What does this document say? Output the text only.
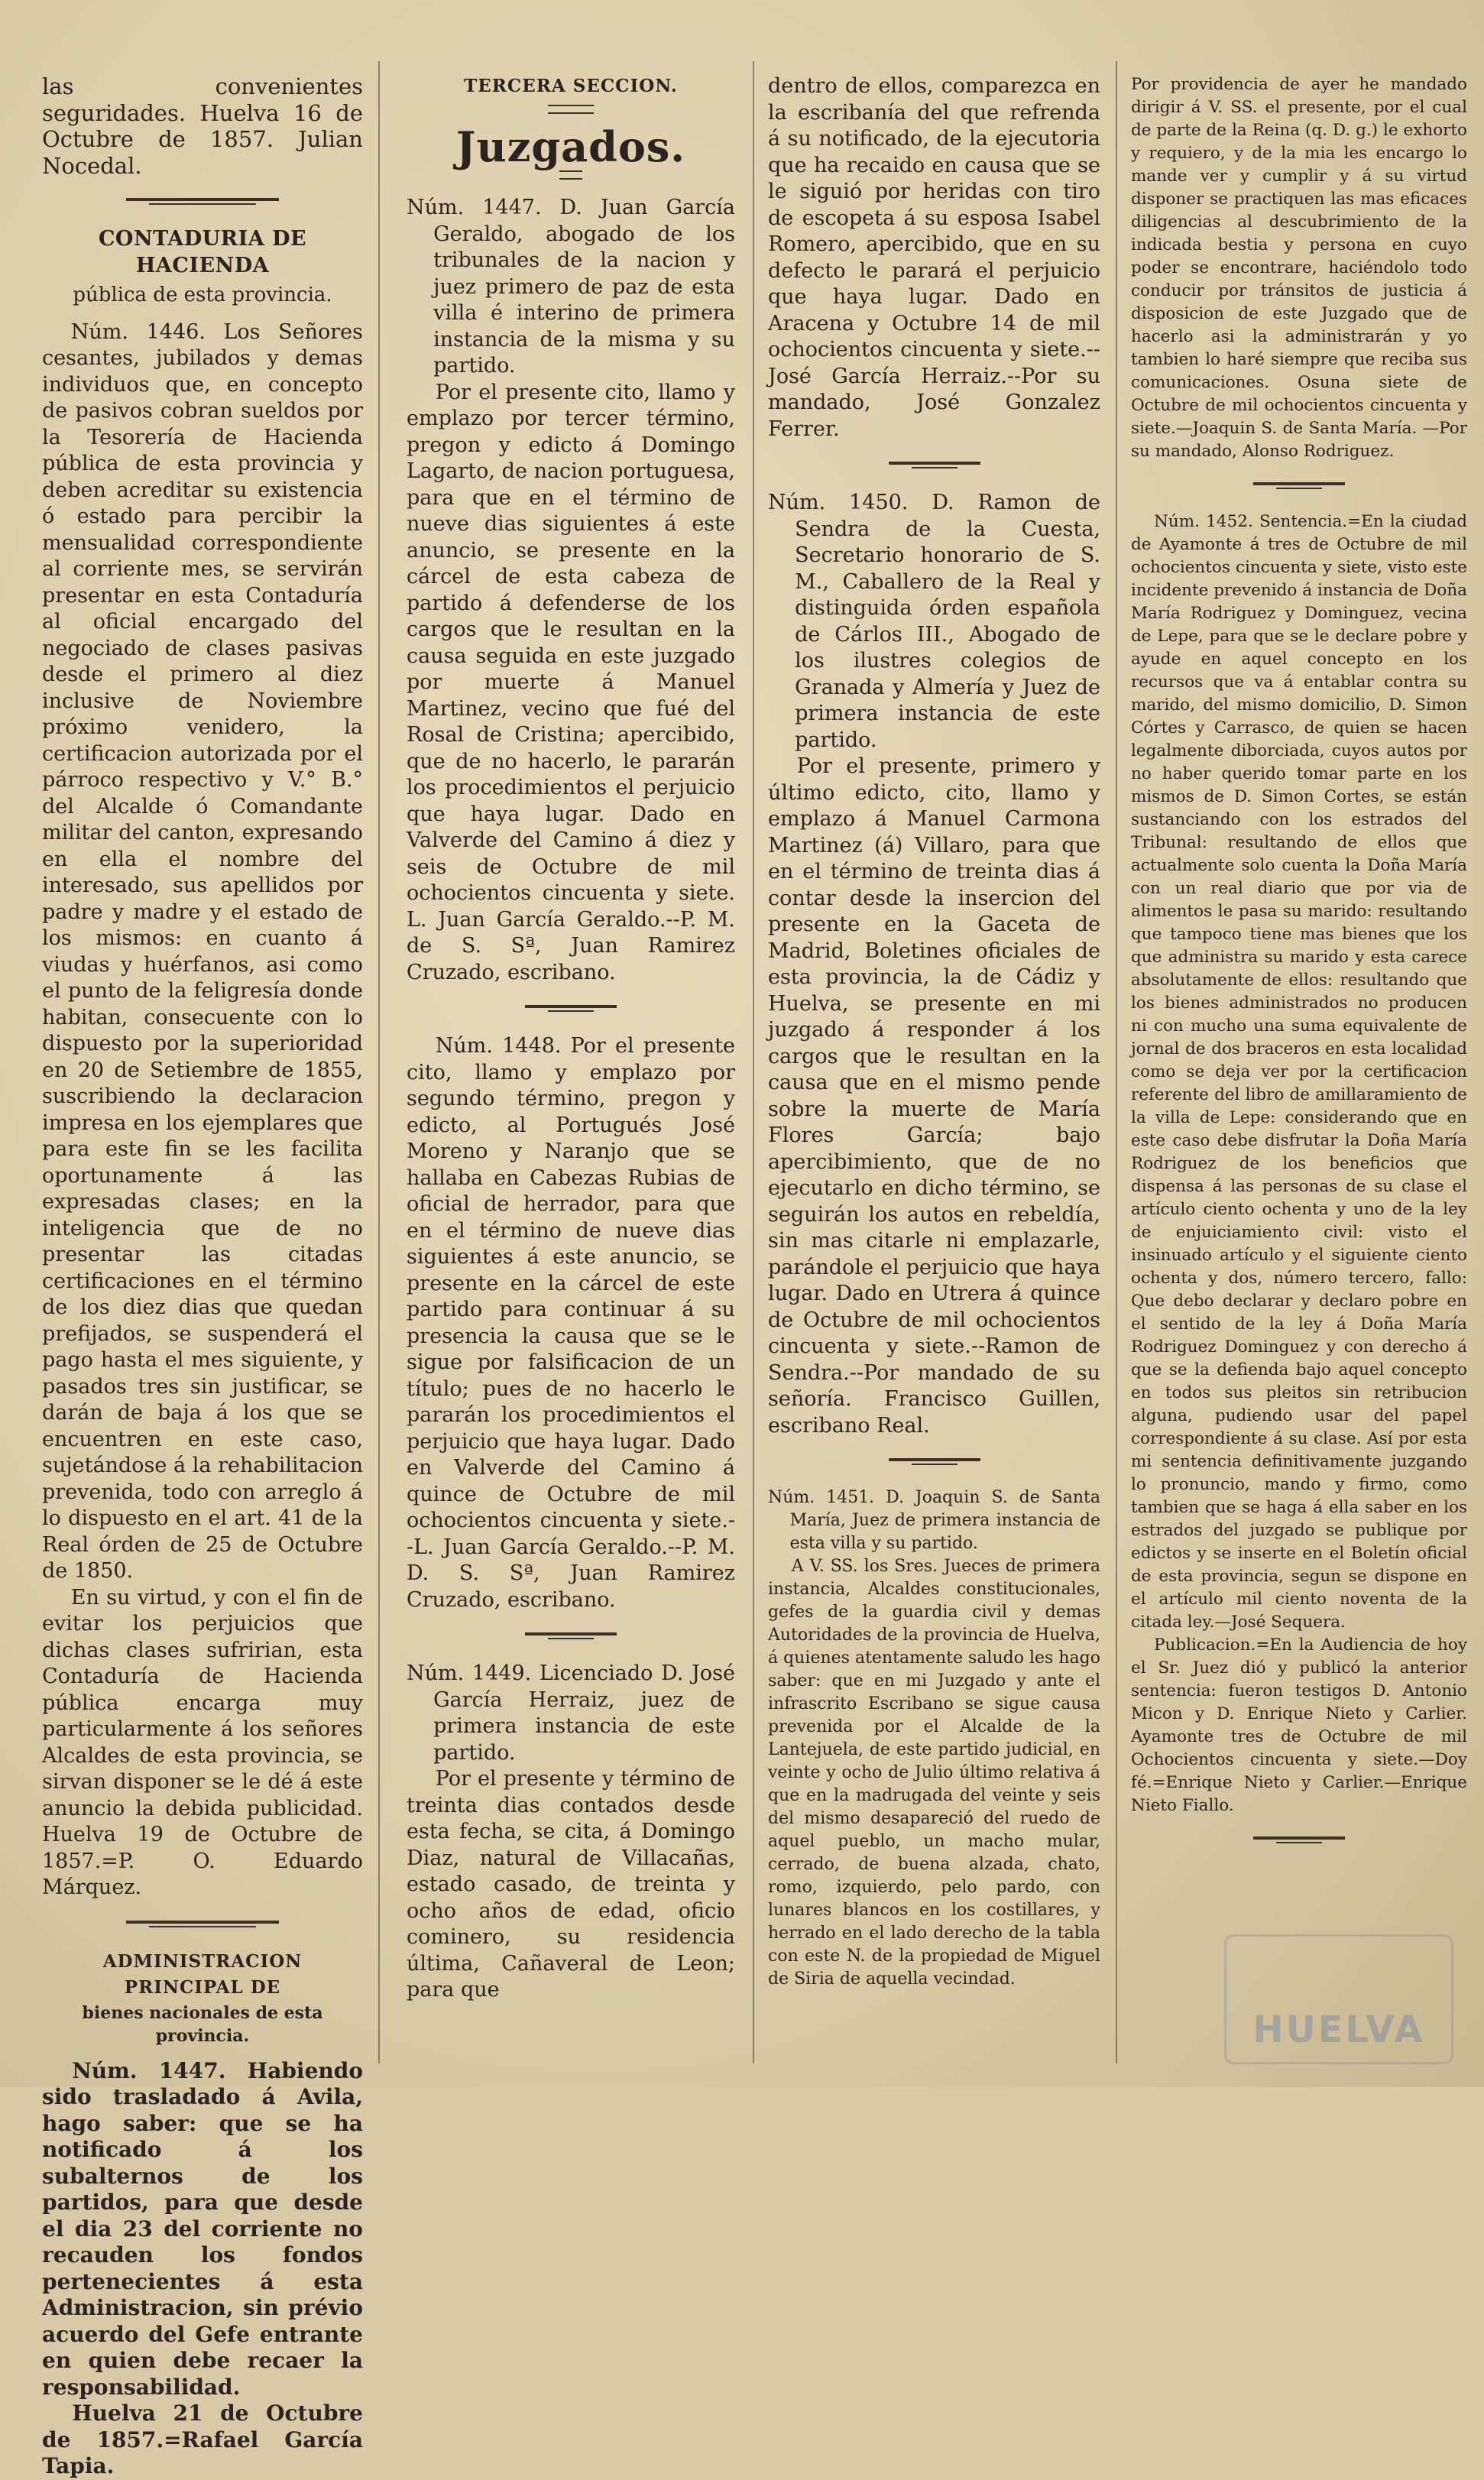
las convenientes seguridades. Huelva 16 de Octubre de 1857. Julian Nocedal.

CONTADURIA DE HACIENDA
pública de esta provincia.

Núm. 1446. Los Señores cesantes, jubilados y demas individuos que, en concepto de pasivos cobran sueldos por la Tesorería de Hacienda pública de esta provincia y deben acreditar su existencia ó estado para percibir la mensualidad correspondiente al corriente mes, se servirán presentar en esta Contaduría al oficial encargado del negociado de clases pasivas desde el primero al diez inclusive de Noviembre próximo venidero, la certificacion autorizada por el párroco respectivo y V.° B.° del Alcalde ó Comandante militar del canton, expresando en ella el nombre del interesado, sus apellidos por padre y madre y el estado de los mismos: en cuanto á viudas y huérfanos, asi como el punto de la feligresía donde habitan, consecuente con lo dispuesto por la superioridad en 20 de Setiembre de 1855, suscribiendo la declaracion impresa en los ejemplares que para este fin se les facilita oportunamente á las expresadas clases; en la inteligencia que de no presentar las citadas certificaciones en el término de los diez dias que quedan prefijados, se suspenderá el pago hasta el mes siguiente, y pasados tres sin justificar, se darán de baja á los que se encuentren en este caso, sujetándose á la rehabilitacion prevenida, todo con arreglo á lo dispuesto en el art. 41 de la Real órden de 25 de Octubre de 1850.

En su virtud, y con el fin de evitar los perjuicios que dichas clases sufririan, esta Contaduría de Hacienda pública encarga muy particularmente á los señores Alcaldes de esta provincia, se sirvan disponer se le dé á este anuncio la debida publicidad. Huelva 19 de Octubre de 1857.=P. O. Eduardo Márquez.

ADMINISTRACION PRINCIPAL DE
bienes nacionales de esta provincia.

Núm. 1447. Habiendo sido trasladado á Avila, hago saber: que se ha notificado á los subalternos de los partidos, para que desde el dia 23 del corriente no recauden los fondos pertenecientes á esta Administracion, sin prévio acuerdo del Gefe entrante en quien debe recaer la responsabilidad.

Huelva 21 de Octubre de 1857.=Rafael García Tapia.

TERCERA SECCION.
Juzgados.

Núm. 1447. D. Juan García Geraldo, abogado de los tribunales de la nacion y juez primero de paz de esta villa é interino de primera instancia de la misma y su partido.

Por el presente cito, llamo y emplazo por tercer término, pregon y edicto á Domingo Lagarto, de nacion portuguesa, para que en el término de nueve dias siguientes á este anuncio, se presente en la cárcel de esta cabeza de partido á defenderse de los cargos que le resultan en la causa seguida en este juzgado por muerte á Manuel Martinez, vecino que fué del Rosal de Cristina; apercibido, que de no hacerlo, le pararán los procedimientos el perjuicio que haya lugar. Dado en Valverde del Camino á diez y seis de Octubre de mil ochocientos cincuenta y siete. L. Juan García Geraldo.--P. M. de S. Sª, Juan Ramirez Cruzado, escribano.

Núm. 1448. Por el presente cito, llamo y emplazo por segundo término, pregon y edicto, al Portugués José Moreno y Naranjo que se hallaba en Cabezas Rubias de oficial de herrador, para que en el término de nueve dias siguientes á este anuncio, se presente en la cárcel de este partido para continuar á su presencia la causa que se le sigue por falsificacion de un título; pues de no hacerlo le pararán los procedimientos el perjuicio que haya lugar. Dado en Valverde del Camino á quince de Octubre de mil ochocientos cincuenta y siete.--L. Juan García Geraldo.--P. M. D. S. Sª, Juan Ramirez Cruzado, escribano.

Núm. 1449. Licenciado D. José García Herraiz, juez de primera instancia de este partido.

Por el presente y término de treinta dias contados desde esta fecha, se cita, á Domingo Diaz, natural de Villacañas, estado casado, de treinta y ocho años de edad, oficio cominero, su residencia última, Cañaveral de Leon; para que

dentro de ellos, comparezca en la escribanía del que refrenda á su notificado, de la ejecutoria que ha recaido en causa que se le siguió por heridas con tiro de escopeta á su esposa Isabel Romero, apercibido, que en su defecto le parará el perjuicio que haya lugar. Dado en Aracena y Octubre 14 de mil ochocientos cincuenta y siete.--José García Herraiz.--Por su mandado, José Gonzalez Ferrer.

Núm. 1450. D. Ramon de Sendra de la Cuesta, Secretario honorario de S. M., Caballero de la Real y distinguida órden española de Cárlos III., Abogado de los ilustres colegios de Granada y Almería y Juez de primera instancia de este partido.

Por el presente, primero y último edicto, cito, llamo y emplazo á Manuel Carmona Martinez (á) Villaro, para que en el término de treinta dias á contar desde la insercion del presente en la Gaceta de Madrid, Boletines oficiales de esta provincia, la de Cádiz y Huelva, se presente en mi juzgado á responder á los cargos que le resultan en la causa que en el mismo pende sobre la muerte de María Flores García; bajo apercibimiento, que de no ejecutarlo en dicho término, se seguirán los autos en rebeldía, sin mas citarle ni emplazarle, parándole el perjuicio que haya lugar. Dado en Utrera á quince de Octubre de mil ochocientos cincuenta y siete.--Ramon de Sendra.--Por mandado de su señoría. Francisco Guillen, escribano Real.

Núm. 1451. D. Joaquin S. de Santa María, Juez de primera instancia de esta villa y su partido.

A V. SS. los Sres. Jueces de primera instancia, Alcaldes constitucionales, gefes de la guardia civil y demas Autoridades de la provincia de Huelva, á quienes atentamente saludo les hago saber: que en mi Juzgado y ante el infrascrito Escribano se sigue causa prevenida por el Alcalde de la Lantejuela, de este partido judicial, en veinte y ocho de Julio último relativa á que en la madrugada del veinte y seis del mismo desapareció del ruedo de aquel pueblo, un macho mular, cerrado, de buena alzada, chato, romo, izquierdo, pelo pardo, con lunares blancos en los costillares, y herrado en el lado derecho de la tabla con este N. de la propiedad de Miguel de Siria de aquella vecindad.

Por providencia de ayer he mandado dirigir á V. SS. el presente, por el cual de parte de la Reina (q. D. g.) le exhorto y requiero, y de la mia les encargo lo mande ver y cumplir y á su virtud disponer se practiquen las mas eficaces diligencias al descubrimiento de la indicada bestia y persona en cuyo poder se encontrare, haciéndolo todo conducir por tránsitos de justicia á disposicion de este Juzgado que de hacerlo asi la administrarán y yo tambien lo haré siempre que reciba sus comunicaciones. Osuna siete de Octubre de mil ochocientos cincuenta y siete.—Joaquin S. de Santa María. —Por su mandado, Alonso Rodriguez.

Núm. 1452. Sentencia.=En la ciudad de Ayamonte á tres de Octubre de mil ochocientos cincuenta y siete, visto este incidente prevenido á instancia de Doña María Rodriguez y Dominguez, vecina de Lepe, para que se le declare pobre y ayude en aquel concepto en los recursos que va á entablar contra su marido, del mismo domicilio, D. Simon Córtes y Carrasco, de quien se hacen legalmente diborciada, cuyos autos por no haber querido tomar parte en los mismos de D. Simon Cortes, se están sustanciando con los estrados del Tribunal: resultando de ellos que actualmente solo cuenta la Doña María con un real diario que por via de alimentos le pasa su marido: resultando que tampoco tiene mas bienes que los que administra su marido y esta carece absolutamente de ellos: resultando que los bienes administrados no producen ni con mucho una suma equivalente de jornal de dos braceros en esta localidad como se deja ver por la certificacion referente del libro de amillaramiento de la villa de Lepe: considerando que en este caso debe disfrutar la Doña María Rodriguez de los beneficios que dispensa á las personas de su clase el artículo ciento ochenta y uno de la ley de enjuiciamiento civil: visto el insinuado artículo y el siguiente ciento ochenta y dos, número tercero, fallo: Que debo declarar y declaro pobre en el sentido de la ley á Doña María Rodriguez Dominguez y con derecho á que se la defienda bajo aquel concepto en todos sus pleitos sin retribucion alguna, pudiendo usar del papel correspondiente á su clase. Así por esta mi sentencia definitivamente juzgando lo pronuncio, mando y firmo, como tambien que se haga á ella saber en los estrados del juzgado se publique por edictos y se inserte en el Boletín oficial de esta provincia, segun se dispone en el artículo mil ciento noventa de la citada ley.—José Sequera.

Publicacion.=En la Audiencia de hoy el Sr. Juez dió y publicó la anterior sentencia: fueron testigos D. Antonio Micon y D. Enrique Nieto y Carlier. Ayamonte tres de Octubre de mil Ochocientos cincuenta y siete.—Doy fé.=Enrique Nieto y Carlier.—Enrique Nieto Fiallo.

HUELVA
